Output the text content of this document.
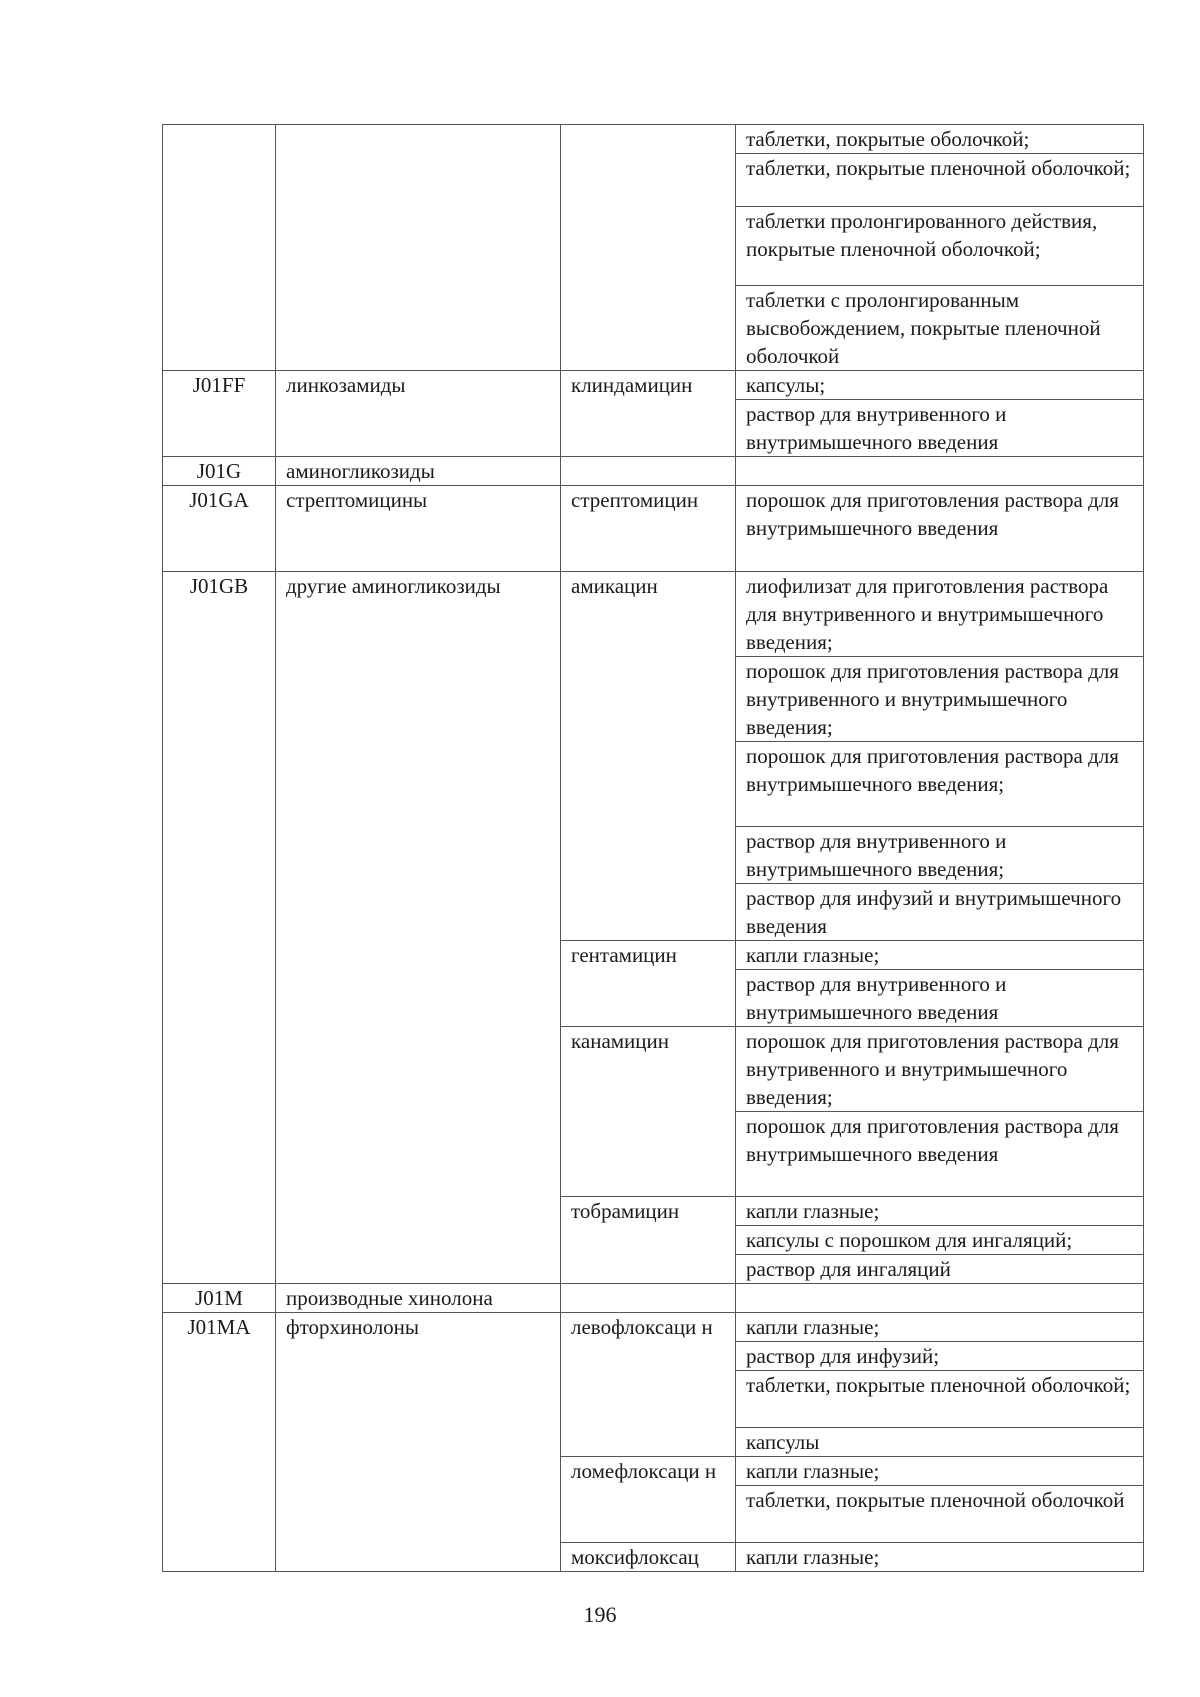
			таблетки, покрытые оболочкой;
			таблетки, покрытые пленочной оболочкой;
			таблетки пролонгированного действия, покрытые пленочной оболочкой;
			таблетки с пролонгированным высвобождением, покрытые пленочной оболочкой
J01FF	линкозамиды	клиндамицин	капсулы;
			раствор для внутривенного и внутримышечного введения
J01G	аминогликозиды		
J01GA	стрептомицины	стрептомицин	порошок для приготовления раствора для внутримышечного введения
J01GB	другие аминогликозиды	амикацин	лиофилизат для приготовления раствора для внутривенного и внутримышечного введения;
			порошок для приготовления раствора для внутривенного и внутримышечного введения;
			порошок для приготовления раствора для внутримышечного введения;
			раствор для внутривенного и внутримышечного введения;
			раствор для инфузий и внутримышечного введения
		гентамицин	капли глазные;
			раствор для внутривенного и внутримышечного введения
		канамицин	порошок для приготовления раствора для внутривенного и внутримышечного введения;
			порошок для приготовления раствора для внутримышечного введения
		тобрамицин	капли глазные;
			капсулы с порошком для ингаляций;
			раствор для ингаляций
J01M	производные хинолона		
J01MA	фторхинолоны	левофлоксаци н	капли глазные;
			раствор для инфузий;
			таблетки, покрытые пленочной оболочкой;
			капсулы
		ломефлоксаци н	капли глазные;
			таблетки, покрытые пленочной оболочкой
		моксифлоксац	капли глазные;
196
